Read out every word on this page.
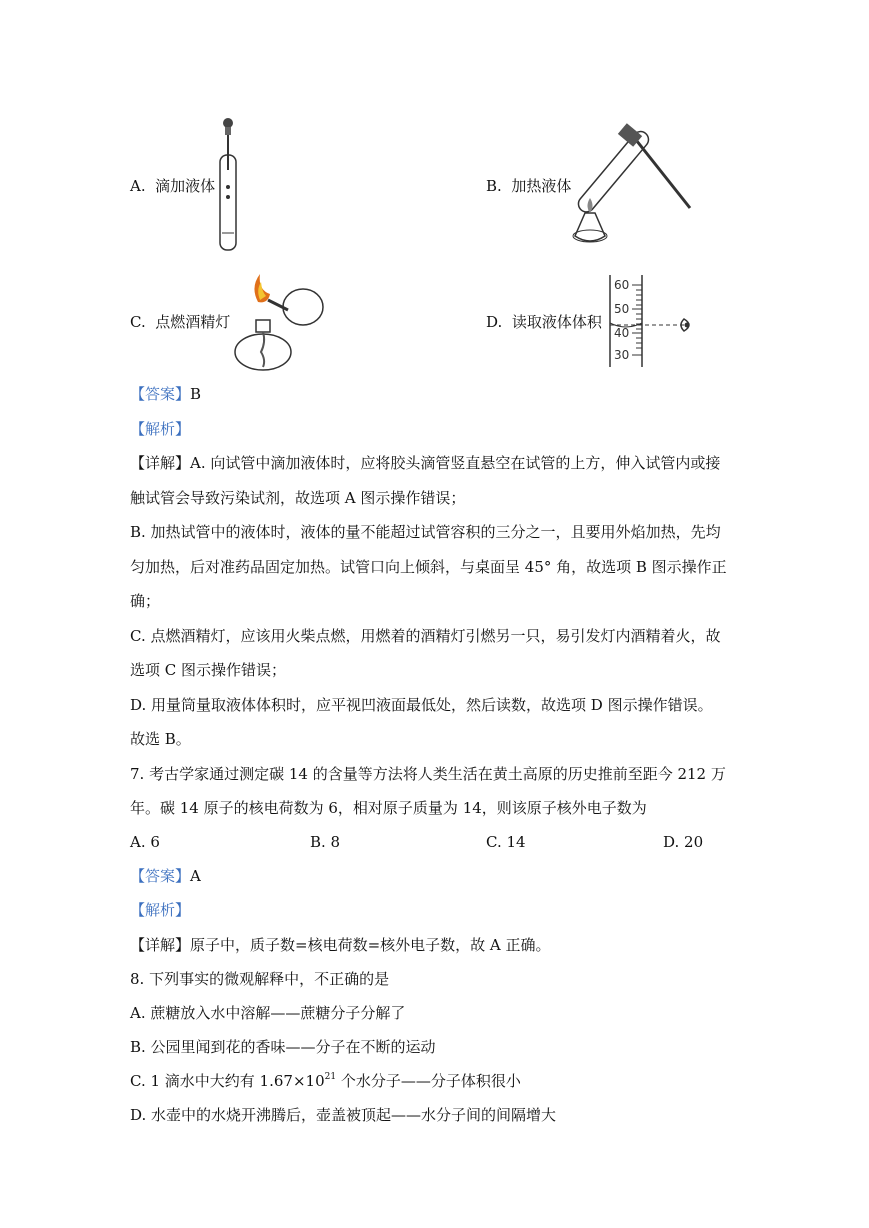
A. 滴加液体	B. 加热液体
C. 点燃酒精灯	D. 读取液体体积
60
50
40
30
【答案】B
【解析】
【详解】A. 向试管中滴加液体时，应将胶头滴管竖直悬空在试管的上方，伸入试管内或接
触试管会导致污染试剂，故选项 A 图示操作错误；
B. 加热试管中的液体时，液体的量不能超过试管容积的三分之一，且要用外焰加热，先均
匀加热，后对准药品固定加热。试管口向上倾斜，与桌面呈 45° 角，故选项 B 图示操作正
确；
C. 点燃酒精灯，应该用火柴点燃，用燃着的酒精灯引燃另一只，易引发灯内酒精着火，故
选项 C 图示操作错误；
D. 用量筒量取液体体积时，应平视凹液面最低处，然后读数，故选项 D 图示操作错误。
故选 B。
7. 考古学家通过测定碳 14 的含量等方法将人类生活在黄土高原的历史推前至距今 212 万
年。碳 14 原子的核电荷数为 6，相对原子质量为 14，则该原子核外电子数为
A. 6	B. 8	C. 14	D. 20
【答案】A
【解析】
【详解】原子中，质子数=核电荷数=核外电子数，故 A 正确。
8. 下列事实的微观解释中，不正确的是
A. 蔗糖放入水中溶解——蔗糖分子分解了
B. 公园里闻到花的香味——分子在不断的运动
C. 1 滴水中大约有 $1.67\times 10^{21}$ 个水分子——分子体积很小
D. 水壶中的水烧开沸腾后，壶盖被顶起——水分子间的间隔增大
